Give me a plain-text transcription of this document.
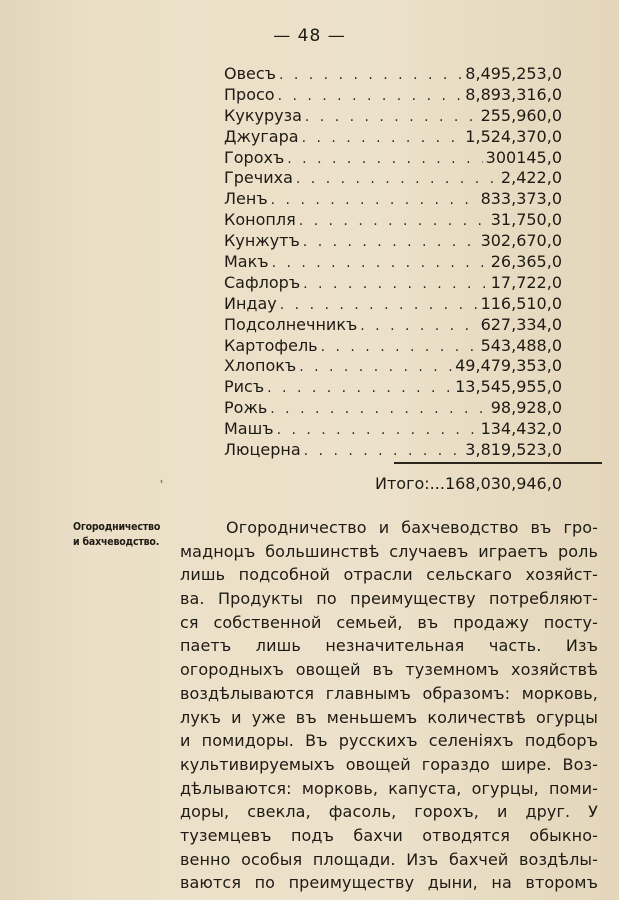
— 48 —
Овесъ . . .	8,495,253,0
Просо . . .	8,893,316,0
Кукуруза . . .	255,960,0
Джугара . . .	1,524,370,0
Горохъ . . .	300145,0
Гречиха . . .	2,422,0
Ленъ . . .	833,373,0
Конопля . . .	31,750,0
Кунжутъ . . .	302,670,0
Макъ . . .	26,365,0
Сафлоръ . . .	17,722,0
Индау . . .	116,510,0
Подсолнечникъ . . .	627,334,0
Картофель . . .	543,488,0
Хлопокъ . . .	49,479,353,0
Рисъ . . .	13,545,955,0
Рожь . . .	98,928,0
Машъ . . .	134,432,0
Люцерна . . .	3,819,523,0
Итого:...168,030,946,0
ʿ
Огородничество
и бахчеводство.
Огородничество и бахчеводство въ гро-
маднομъ большинствѣ случаевъ играетъ роль
лишь подсобной отрасли сельскаго хозяйст-
ва. Продукты по преимуществу потребляют-
ся собственной семьей, въ продажу посту-
паетъ лишь незначительная часть. Изъ
огородныхъ овощей въ туземномъ хозяйствѣ
воздѣлываются главнымъ образомъ: морковь,
лукъ и уже въ меньшемъ количествѣ огурцы
и помидоры. Въ русскихъ селеніяхъ подборъ
культивируемыхъ овощей гораздо шире. Воз-
дѣлываются: морковь, капуста, огурцы, поми-
доры, свекла, фасоль, горохъ, и друг. У
туземцевъ подъ бахчи отводятся обыкно-
венно особыя площади. Изъ бахчей воздѣлы-
ваются по преимуществу дыни, на второмъ
